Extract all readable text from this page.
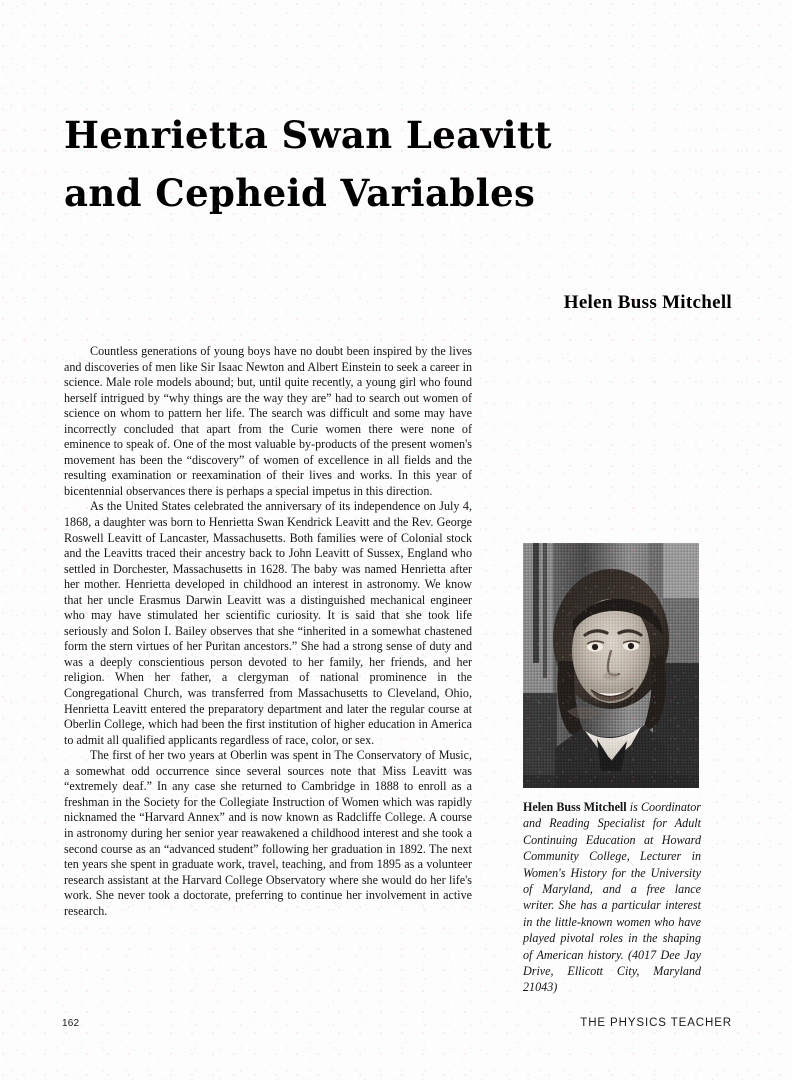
Henrietta Swan Leavitt
and Cepheid Variables
Helen Buss Mitchell

Countless generations of young boys have no doubt been inspired by the lives and discoveries of men like Sir Isaac Newton and Albert Einstein to seek a career in science. Male role models abound; but, until quite recently, a young girl who found herself intrigued by “why things are the way they are” had to search out women of science on whom to pattern her life. The search was difficult and some may have incorrectly concluded that apart from the Curie women there were none of eminence to speak of. One of the most valuable by-products of the present women's movement has been the “discovery” of women of excellence in all fields and the resulting examination or reexamination of their lives and works. In this year of bicentennial observances there is perhaps a special impetus in this direction.

As the United States celebrated the anniversary of its independence on July 4, 1868, a daughter was born to Henrietta Swan Kendrick Leavitt and the Rev. George Roswell Leavitt of Lancaster, Massachusetts. Both families were of Colonial stock and the Leavitts traced their ancestry back to John Leavitt of Sussex, England who settled in Dorchester, Massachusetts in 1628. The baby was named Henrietta after her mother. Henrietta developed in childhood an interest in astronomy. We know that her uncle Erasmus Darwin Leavitt was a distinguished mechanical engineer who may have stimulated her scientific curiosity. It is said that she took life seriously and Solon I. Bailey observes that she “inherited in a somewhat chastened form the stern virtues of her Puritan ancestors.” She had a strong sense of duty and was a deeply conscientious person devoted to her family, her friends, and her religion. When her father, a clergyman of national prominence in the Congregational Church, was transferred from Massachusetts to Cleveland, Ohio, Henrietta Leavitt entered the preparatory department and later the regular course at Oberlin College, which had been the first institution of higher education in America to admit all qualified applicants regardless of race, color, or sex.

The first of her two years at Oberlin was spent in The Conservatory of Music, a somewhat odd occurrence since several sources note that Miss Leavitt was “extremely deaf.” In any case she returned to Cambridge in 1888 to enroll as a freshman in the Society for the Collegiate Instruction of Women which was rapidly nicknamed the “Harvard Annex” and is now known as Radcliffe College. A course in astronomy during her senior year reawakened a childhood interest and she took a second course as an “advanced student” following her graduation in 1892. The next ten years she spent in graduate work, travel, teaching, and from 1895 as a volunteer research assistant at the Harvard College Observatory where she would do her life's work. She never took a doctorate, preferring to continue her involvement in active research.

Helen Buss Mitchell is Coordinator and Reading Specialist for Adult Continuing Education at Howard Community College, Lecturer in Women's History for the University of Maryland, and a free lance writer. She has a particular interest in the little-known women who have played pivotal roles in the shaping of American history. (4017 Dee Jay Drive, Ellicott City, Maryland 21043)
162	THE PHYSICS TEACHER
